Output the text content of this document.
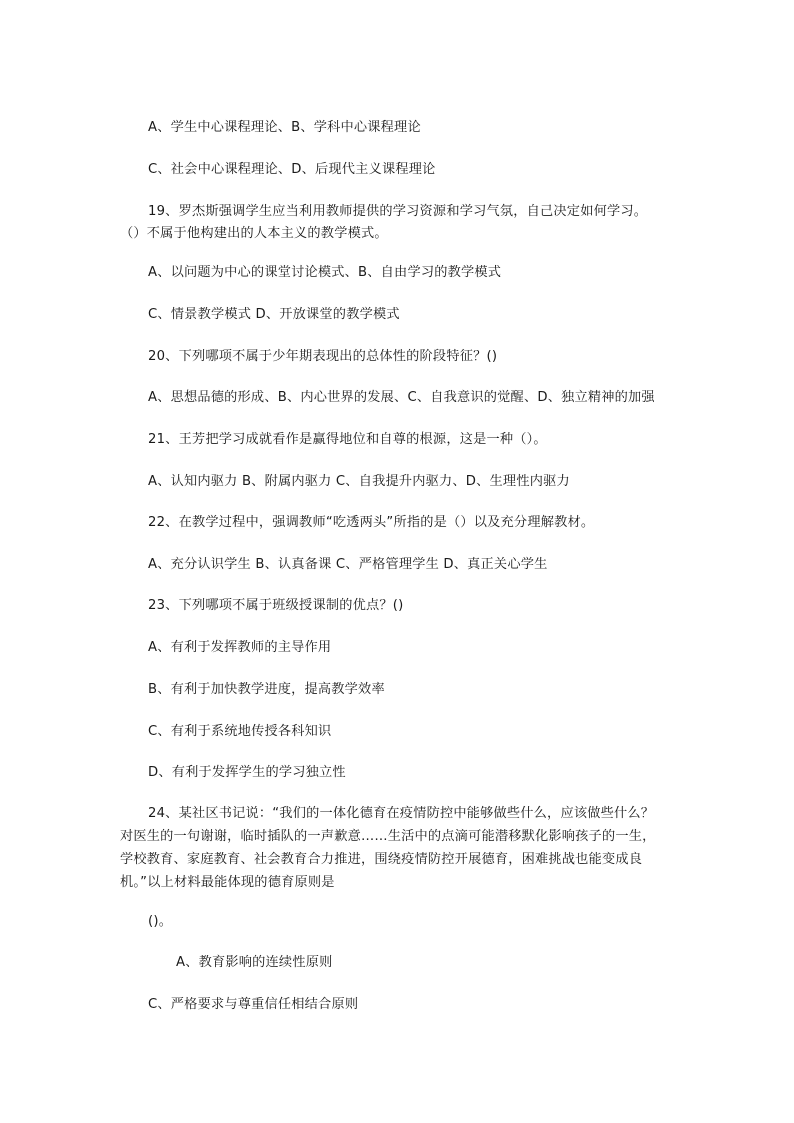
A、学生中心课程理论、B、学科中心课程理论
C、社会中心课程理论、D、后现代主义课程理论
19、罗杰斯强调学生应当利用教师提供的学习资源和学习气氛，自己决定如何学习。
（）不属于他构建出的人本主义的教学模式。
A、以问题为中心的课堂讨论模式、B、自由学习的教学模式
C、情景教学模式 D、开放课堂的教学模式
20、下列哪项不属于少年期表现出的总体性的阶段特征？()
A、思想品德的形成、B、内心世界的发展、C、自我意识的觉醒、D、独立精神的加强
21、王芳把学习成就看作是赢得地位和自尊的根源，这是一种（）。
A、认知内驱力 B、附属内驱力 C、自我提升内驱力、D、生理性内驱力
22、在教学过程中，强调教师“吃透两头”所指的是（）以及充分理解教材。
A、充分认识学生 B、认真备课 C、严格管理学生 D、真正关心学生
23、下列哪项不属于班级授课制的优点？()
A、有利于发挥教师的主导作用
B、有利于加快教学进度，提高教学效率
C、有利于系统地传授各科知识
D、有利于发挥学生的学习独立性
24、某社区书记说：“我们的一体化德育在疫情防控中能够做些什么，应该做些什么？
对医生的一句谢谢，临时插队的一声歉意……生活中的点滴可能潜移默化影响孩子的一生，
学校教育、家庭教育、社会教育合力推进，围绕疫情防控开展德育，困难挑战也能变成良
机。”以上材料最能体现的德育原则是
()。
A、教育影响的连续性原则
C、严格要求与尊重信任相结合原则
